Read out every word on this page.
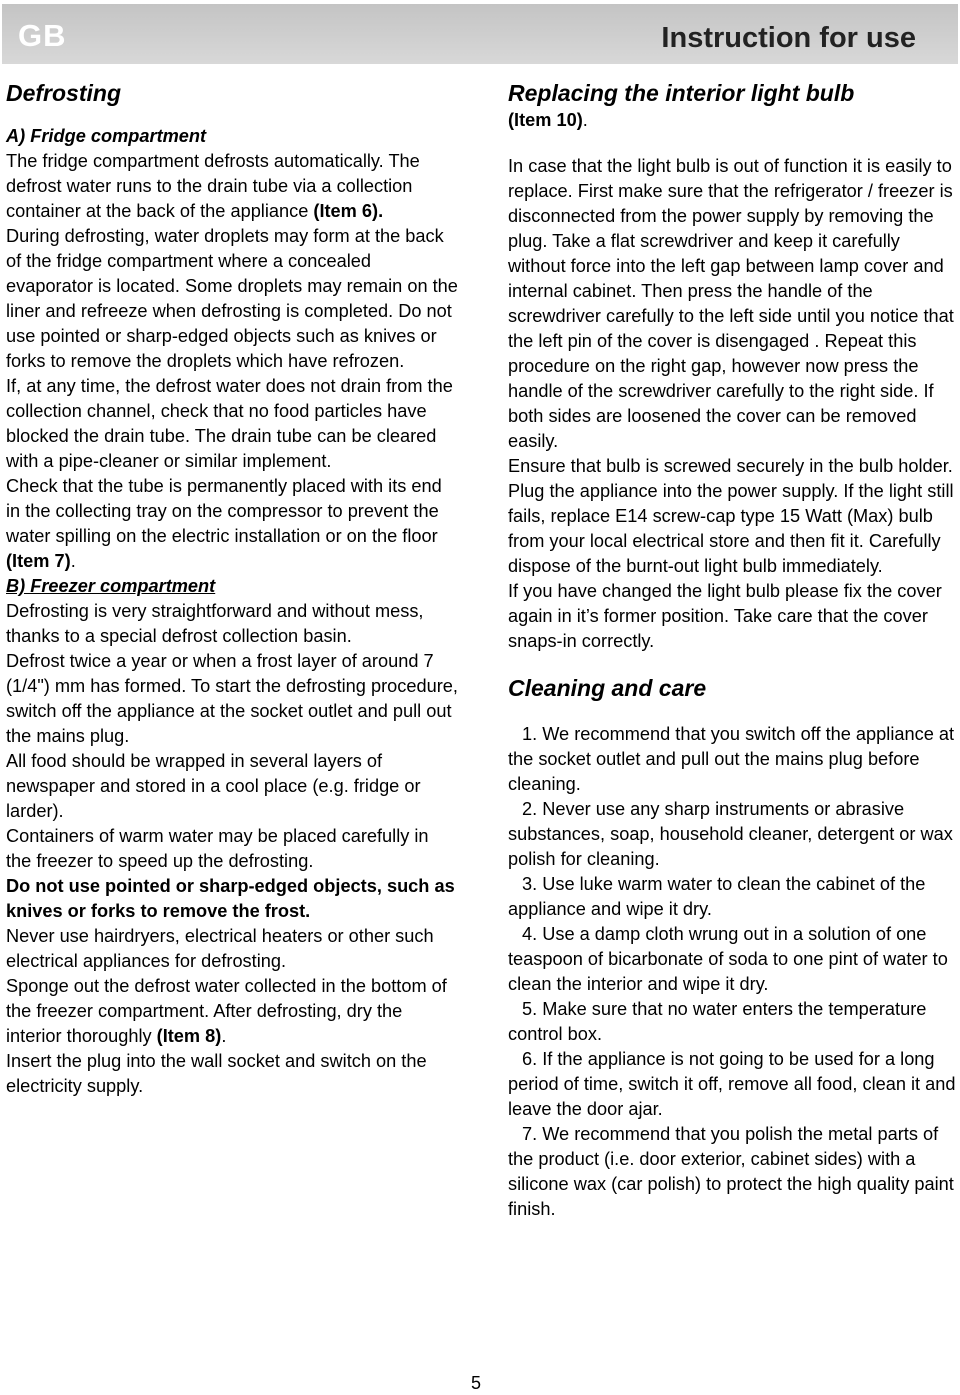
GB	Instruction for use
Defrosting

A) Fridge compartment

The fridge compartment defrosts automatically. The defrost water runs to the drain tube via a collection container at the back of the appliance (Item 6).

During defrosting, water droplets may form at the back of the fridge compartment where a concealed evaporator is located. Some droplets may remain on the liner and refreeze when defrosting is completed. Do not use pointed or sharp-edged objects such as knives or forks to remove the droplets which have refrozen.

If, at any time, the defrost water does not drain from the collection channel, check that no food particles have blocked the drain tube. The drain tube can be cleared with a pipe-cleaner or similar implement.

Check that the tube is permanently placed with its end in the collecting tray on the compressor to prevent the water spilling on the electric installation or on the floor (Item 7).

B) Freezer compartment

Defrosting is very straightforward and without mess, thanks to a special defrost collection basin.

Defrost twice a year or when a frost layer of around 7 (1/4") mm has formed. To start the defrosting procedure, switch off the appliance at the socket outlet and pull out the mains plug.

All food should be wrapped in several layers of newspaper and stored in a cool place (e.g. fridge or larder).

Containers of warm water may be placed carefully in the freezer to speed up the defrosting.

Do not use pointed or sharp-edged objects, such as knives or forks to remove the frost.

Never use hairdryers, electrical heaters or other such electrical appliances for defrosting.

Sponge out the defrost water collected in the bottom of the freezer compartment. After defrosting, dry the interior thoroughly (Item 8).

Insert the plug into the wall socket and switch on the electricity supply.

Replacing the interior light bulb

(Item 10).

In case that the light bulb is out of function it is easily to replace. First make sure that the refrigerator / freezer is disconnected from the power supply by removing the plug. Take a flat screwdriver and keep it carefully without force into the left gap between lamp cover and internal cabinet. Then press the handle of the screwdriver carefully to the left side until you notice that the left pin of the cover is disengaged . Repeat this procedure on the right gap, however now press the handle of the screwdriver carefully to the right side. If both sides are loosened the cover can be removed easily.

Ensure that bulb is screwed securely in the bulb holder. Plug the appliance into the power supply. If the light still fails, replace E14 screw-cap type 15 Watt (Max) bulb from your local electrical store and then fit it. Carefully dispose of the burnt-out light bulb immediately.

If you have changed the light bulb please fix the cover again in it’s former position. Take care that the cover snaps-in correctly.

Cleaning and care

1. We recommend that you switch off the appliance at the socket outlet and pull out the mains plug before cleaning.

2. Never use any sharp instruments or abrasive substances, soap, household cleaner, detergent or wax polish for cleaning.

3. Use luke warm water to clean the cabinet of the appliance and wipe it dry.

4. Use a damp cloth wrung out in a solution of one teaspoon of bicarbonate of soda to one pint of water to clean the interior and wipe it dry.

5. Make sure that no water enters the temperature control box.

6. If the appliance is not going to be used for a long period of time, switch it off, remove all food, clean it and leave the door ajar.

7. We recommend that you polish the metal parts of the product (i.e. door exterior, cabinet sides) with a silicone wax (car polish) to protect the high quality paint finish.

5
